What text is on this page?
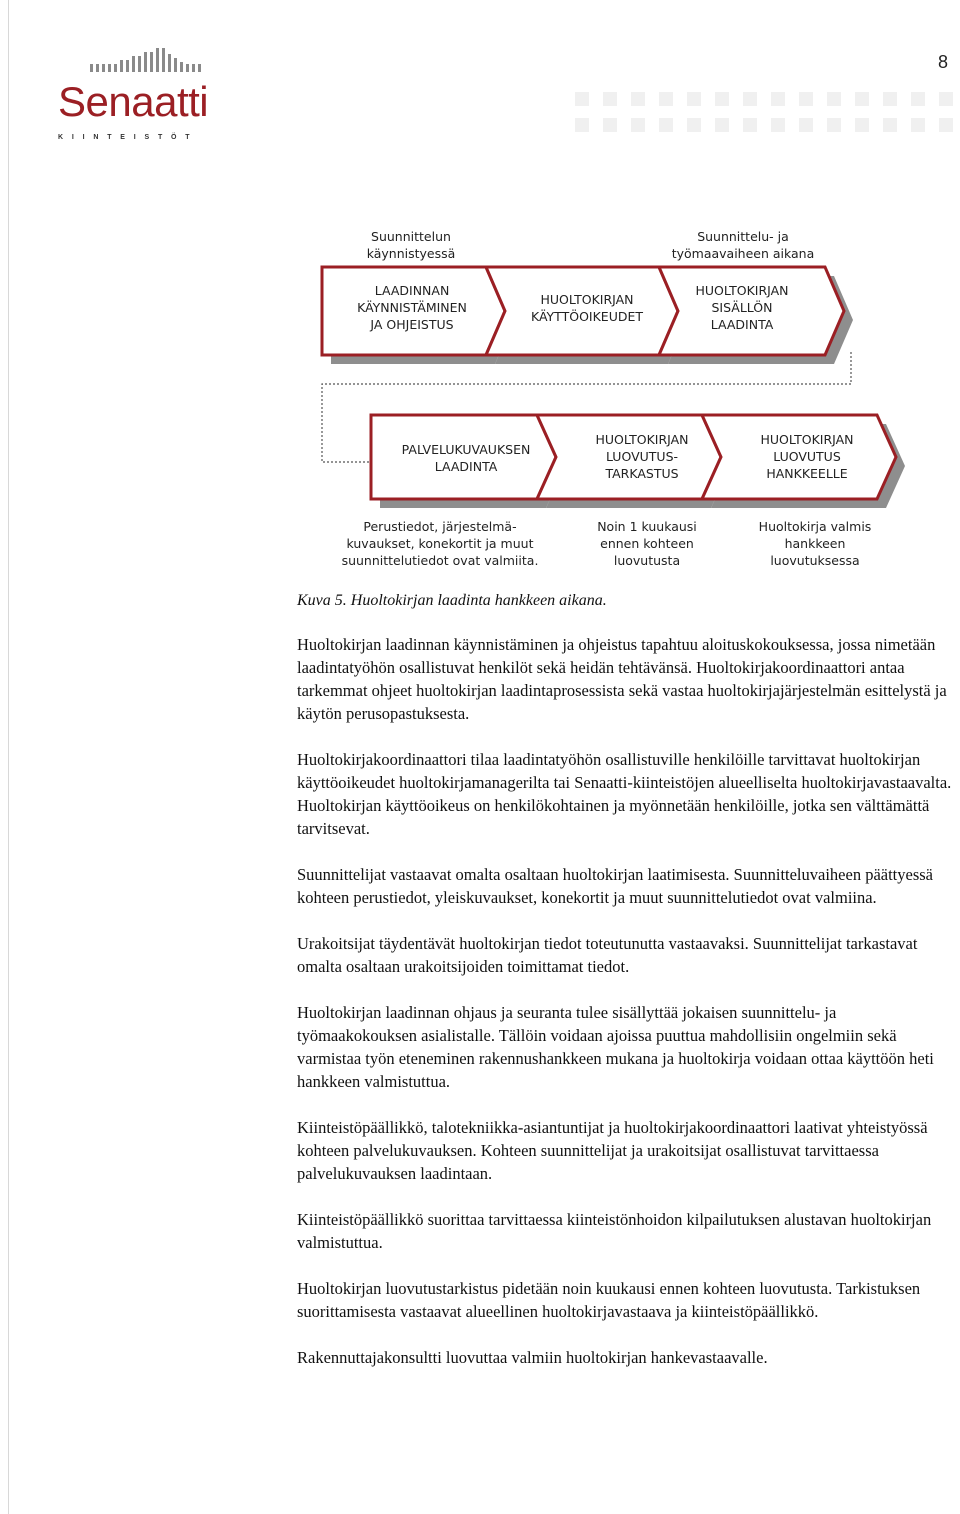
8
Senaatti
KIINTEISTÖT
Suunnittelun käynnistyessä
Suunnittelu- ja työmaavaiheen aikana
LAADINNAN
KÄYNNISTÄMINEN
JA OHJEISTUS
HUOLTOKIRJAN
KÄYTTÖOIKEUDET
HUOLTOKIRJAN
SISÄLLÖN
LAADINTA
PALVELUKUVAUKSEN
LAADINTA
HUOLTOKIRJAN
LUOVUTUS-
TARKASTUS
HUOLTOKIRJAN
LUOVUTUS
HANKKEELLE
Perustiedot, järjestelmä-
kuvaukset, konekortit ja muut
suunnittelutiedot ovat valmiita.
Noin 1 kuukausi
ennen kohteen
luovutusta
Huoltokirja valmis
hankkeen
luovutuksessa
Kuva 5. Huoltokirjan laadinta hankkeen aikana.

Huoltokirjan laadinnan käynnistäminen ja ohjeistus tapahtuu aloituskokouksessa, jossa nimetään laadintatyöhön osallistuvat henkilöt sekä heidän tehtävänsä. Huoltokirjakoordinaattori antaa tarkemmat ohjeet huoltokirjan laadintaprosessista sekä vastaa huoltokirjajärjestelmän esittelystä ja käytön perusopastuksesta.

Huoltokirjakoordinaattori tilaa laadintatyöhön osallistuville henkilöille tarvittavat huoltokirjan käyttöoikeudet huoltokirjamanagerilta tai Senaatti-kiinteistöjen alueelliselta huoltokirjavastaavalta. Huoltokirjan käyttöoikeus on henkilökohtainen ja myönnetään henkilöille, jotka sen välttämättä tarvitsevat.

Suunnittelijat vastaavat omalta osaltaan huoltokirjan laatimisesta. Suunnitteluvaiheen päättyessä kohteen perustiedot, yleiskuvaukset, konekortit ja muut suunnittelutiedot ovat valmiina.

Urakoitsijat täydentävät huoltokirjan tiedot toteutunutta vastaavaksi. Suunnittelijat tarkastavat omalta osaltaan urakoitsijoiden toimittamat tiedot.

Huoltokirjan laadinnan ohjaus ja seuranta tulee sisällyttää jokaisen suunnittelu- ja työmaakokouksen asialistalle. Tällöin voidaan ajoissa puuttua mahdollisiin ongelmiin sekä varmistaa työn eteneminen rakennushankkeen mukana ja huoltokirja voidaan ottaa käyttöön heti hankkeen valmistuttua.

Kiinteistöpäällikkö, talotekniikka-asiantuntijat ja huoltokirjakoordinaattori laativat yhteistyössä kohteen palvelukuvauksen. Kohteen suunnittelijat ja urakoitsijat osallistuvat tarvittaessa palvelukuvauksen laadintaan.

Kiinteistöpäällikkö suorittaa tarvittaessa kiinteistönhoidon kilpailutuksen alustavan huoltokirjan valmistuttua.

Huoltokirjan luovutustarkistus pidetään noin kuukausi ennen kohteen luovutusta. Tarkistuksen suorittamisesta vastaavat alueellinen huoltokirjavastaava ja kiinteistöpäällikkö.

Rakennuttajakonsultti luovuttaa valmiin huoltokirjan hankevastaavalle.
